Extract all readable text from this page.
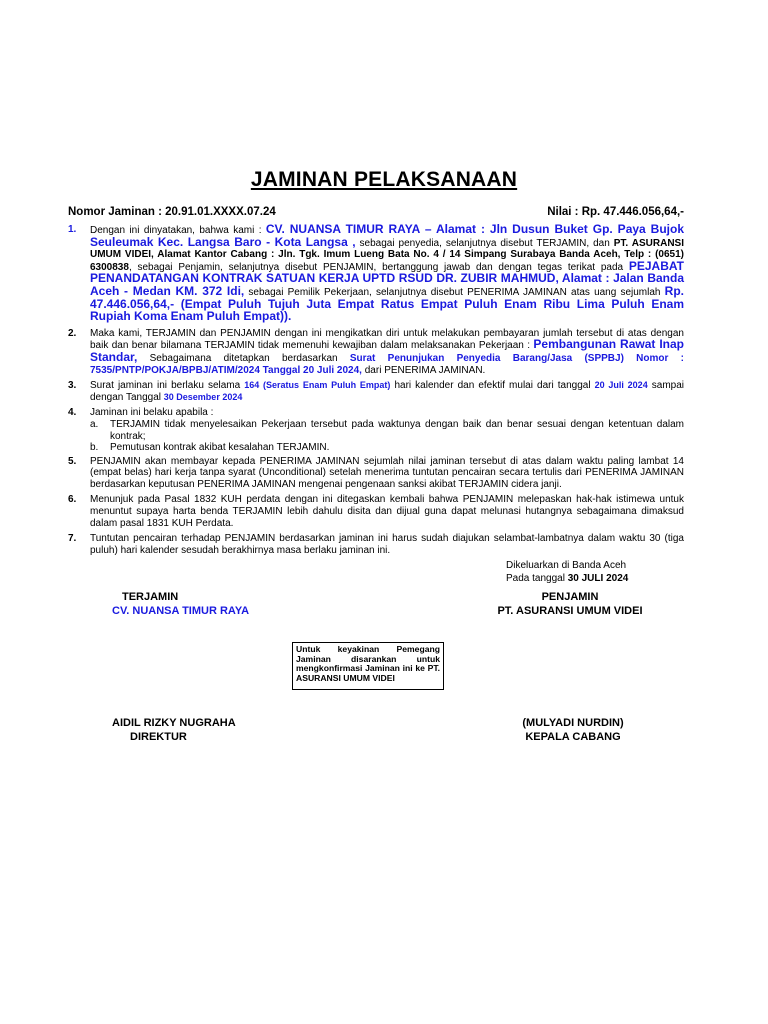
JAMINAN PELAKSANAAN
Nomor Jaminan : 20.91.01.XXXX.07.24	Nilai : Rp. 47.446.056,64,-
1. Dengan ini dinyatakan, bahwa kami : CV. NUANSA TIMUR RAYA – Alamat : Jln Dusun Buket Gp. Paya Bujok Seuleumak Kec. Langsa Baro - Kota Langsa , sebagai penyedia, selanjutnya disebut TERJAMIN, dan PT. ASURANSI UMUM VIDEI, Alamat Kantor Cabang : Jln. Tgk. Imum Lueng Bata No. 4 / 14 Simpang Surabaya Banda Aceh, Telp : (0651) 6300838, sebagai Penjamin, selanjutnya disebut PENJAMIN, bertanggung jawab dan dengan tegas terikat pada PEJABAT PENANDATANGAN KONTRAK SATUAN KERJA UPTD RSUD DR. ZUBIR MAHMUD, Alamat : Jalan Banda Aceh - Medan KM. 372 Idi, sebagai Pemilik Pekerjaan, selanjutnya disebut PENERIMA JAMINAN atas uang sejumlah Rp. 47.446.056,64,- (Empat Puluh Tujuh Juta Empat Ratus Empat Puluh Enam Ribu Lima Puluh Enam Rupiah Koma Enam Puluh Empat)).
2. Maka kami, TERJAMIN dan PENJAMIN dengan ini mengikatkan diri untuk melakukan pembayaran jumlah tersebut di atas dengan baik dan benar bilamana TERJAMIN tidak memenuhi kewajiban dalam melaksanakan Pekerjaan : Pembangunan Rawat Inap Standar, Sebagaimana ditetapkan berdasarkan Surat Penunjukan Penyedia Barang/Jasa (SPPBJ) Nomor : 7535/PNTP/POKJA/BPBJ/ATIM/2024 Tanggal 20 Juli 2024, dari PENERIMA JAMINAN.
3. Surat jaminan ini berlaku selama 164 (Seratus Enam Puluh Empat) hari kalender dan efektif mulai dari tanggal 20 Juli 2024 sampai dengan Tanggal 30 Desember 2024
4. Jaminan ini belaku apabila :
a. TERJAMIN tidak menyelesaikan Pekerjaan tersebut pada waktunya dengan baik dan benar sesuai dengan ketentuan dalam kontrak;
b. Pemutusan kontrak akibat kesalahan TERJAMIN.
5. PENJAMIN akan membayar kepada PENERIMA JAMINAN sejumlah nilai jaminan tersebut di atas dalam waktu paling lambat 14 (empat belas) hari kerja tanpa syarat (Unconditional) setelah menerima tuntutan pencairan secara tertulis dari PENERIMA JAMINAN berdasarkan keputusan PENERIMA JAMINAN mengenai pengenaan sanksi akibat TERJAMIN cidera janji.
6. Menunjuk pada Pasal 1832 KUH perdata dengan ini ditegaskan kembali bahwa PENJAMIN melepaskan hak-hak istimewa untuk menuntut supaya harta benda TERJAMIN lebih dahulu disita dan dijual guna dapat melunasi hutangnya sebagaimana dimaksud dalam pasal 1831 KUH Perdata.
7. Tuntutan pencairan terhadap PENJAMIN berdasarkan jaminan ini harus sudah diajukan selambat-lambatnya dalam waktu 30 (tiga puluh) hari kalender sesudah berakhirnya masa berlaku jaminan ini.
Dikeluarkan di Banda Aceh
Pada tanggal 30 JULI 2024
TERJAMIN
CV. NUANSA TIMUR RAYA
PENJAMIN
PT. ASURANSI UMUM VIDEI
Untuk keyakinan Pemegang Jaminan disarankan untuk mengkonfirmasi Jaminan ini ke PT. ASURANSI UMUM VIDEI
AIDIL RIZKY NUGRAHA
DIREKTUR
(MULYADI NURDIN)
KEPALA CABANG
